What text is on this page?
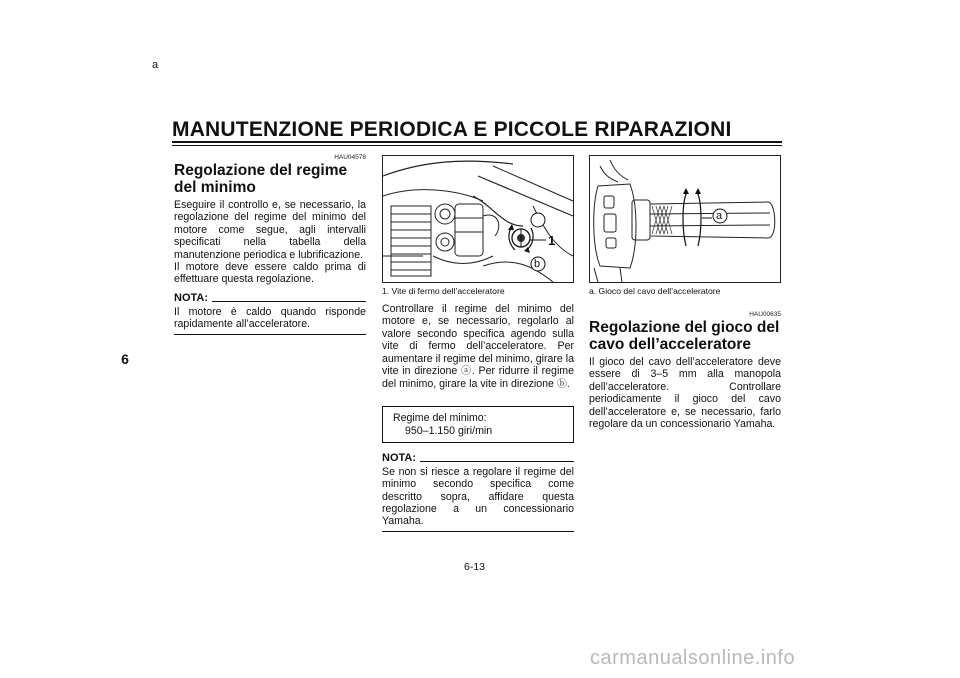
MANUTENZIONE PERIODICA E PICCOLE RIPARAZIONI
6
HAU04578
Regolazione del regime del minimo

Eseguire il controllo e, se necessario, la regolazione del regime del minimo del motore come segue, agli intervalli specificati nella tabella della manutenzione periodica e lubrificazione.

Il motore deve essere caldo prima di effettuare questa regolazione.

NOTA:
Il motore è caldo quando risponde rapidamente all’acceleratore.
a
b
1
1. Vite di fermo dell’acceleratore
Controllare il regime del minimo del motore e, se necessario, regolarlo al valore secondo specifica agendo sulla vite di fermo dell’acceleratore. Per aumentare il regime del minimo, girare la vite in direzione ⓐ. Per ridurre il regime del minimo, girare la vite in direzione ⓑ.
Regime del minimo:
950–1.150 giri/min
NOTA:
Se non si riesce a regolare il regime del minimo secondo specifica come descritto sopra, affidare questa regolazione a un concessionario Yamaha.
a
a. Gioco del cavo dell’acceleratore
HAU00635
Regolazione del gioco del cavo dell’acceleratore
Il gioco del cavo dell’acceleratore deve essere di 3–5 mm alla manopola dell’acceleratore. Controllare periodicamente il gioco del cavo dell’acceleratore e, se necessario, farlo regolare da un concessionario Yamaha.
6-13
carmanualsonline.info
